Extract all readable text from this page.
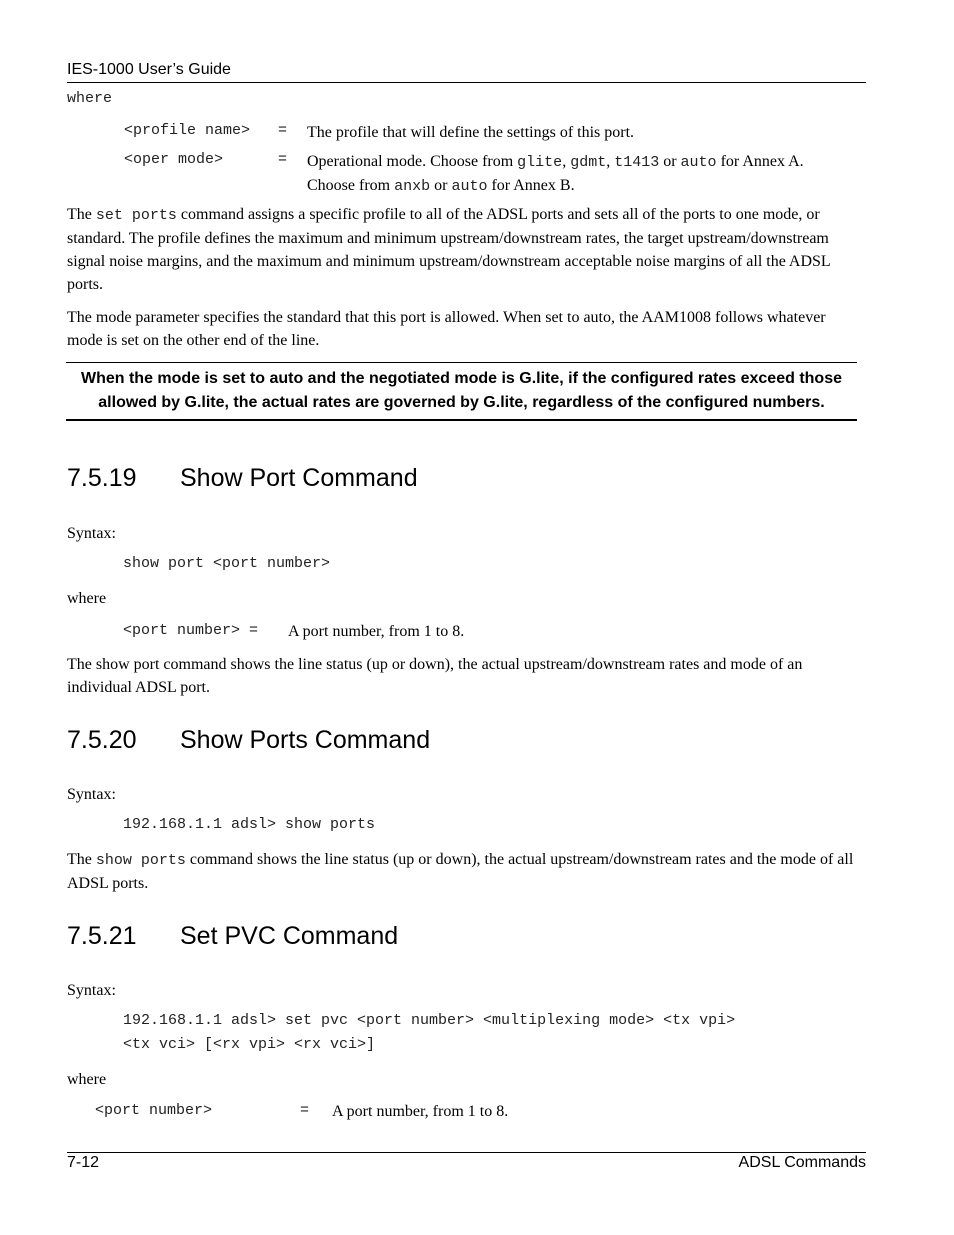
IES-1000 User’s Guide
where
<profile name> = The profile that will define the settings of this port.
<oper mode>	= Operational mode. Choose from glite, gdmt, t1413 or auto for Annex A. Choose from anxb or auto for Annex B.
The set ports command assigns a specific profile to all of the ADSL ports and sets all of the ports to one mode, or standard. The profile defines the maximum and minimum upstream/downstream rates, the target upstream/downstream signal noise margins, and the maximum and minimum upstream/downstream acceptable noise margins of all the ADSL ports.
The mode parameter specifies the standard that this port is allowed. When set to auto, the AAM1008 follows whatever mode is set on the other end of the line.
When the mode is set to auto and the negotiated mode is G.lite, if the configured rates exceed those allowed by G.lite, the actual rates are governed by G.lite, regardless of the configured numbers.
7.5.19 Show Port Command
Syntax:
show port <port number>
where
<port number> = A port number, from 1 to 8.
The show port command shows the line status (up or down), the actual upstream/downstream rates and mode of an individual ADSL port.
7.5.20 Show Ports Command
Syntax:
192.168.1.1 adsl> show ports
The show ports command shows the line status (up or down), the actual upstream/downstream rates and the mode of all ADSL ports.
7.5.21 Set PVC Command
Syntax:
192.168.1.1 adsl> set pvc <port number> <multiplexing mode> <tx vpi>
<tx vci> [<rx vpi> <rx vci>]
where
<port number>	= A port number, from 1 to 8.
7-12	ADSL Commands
